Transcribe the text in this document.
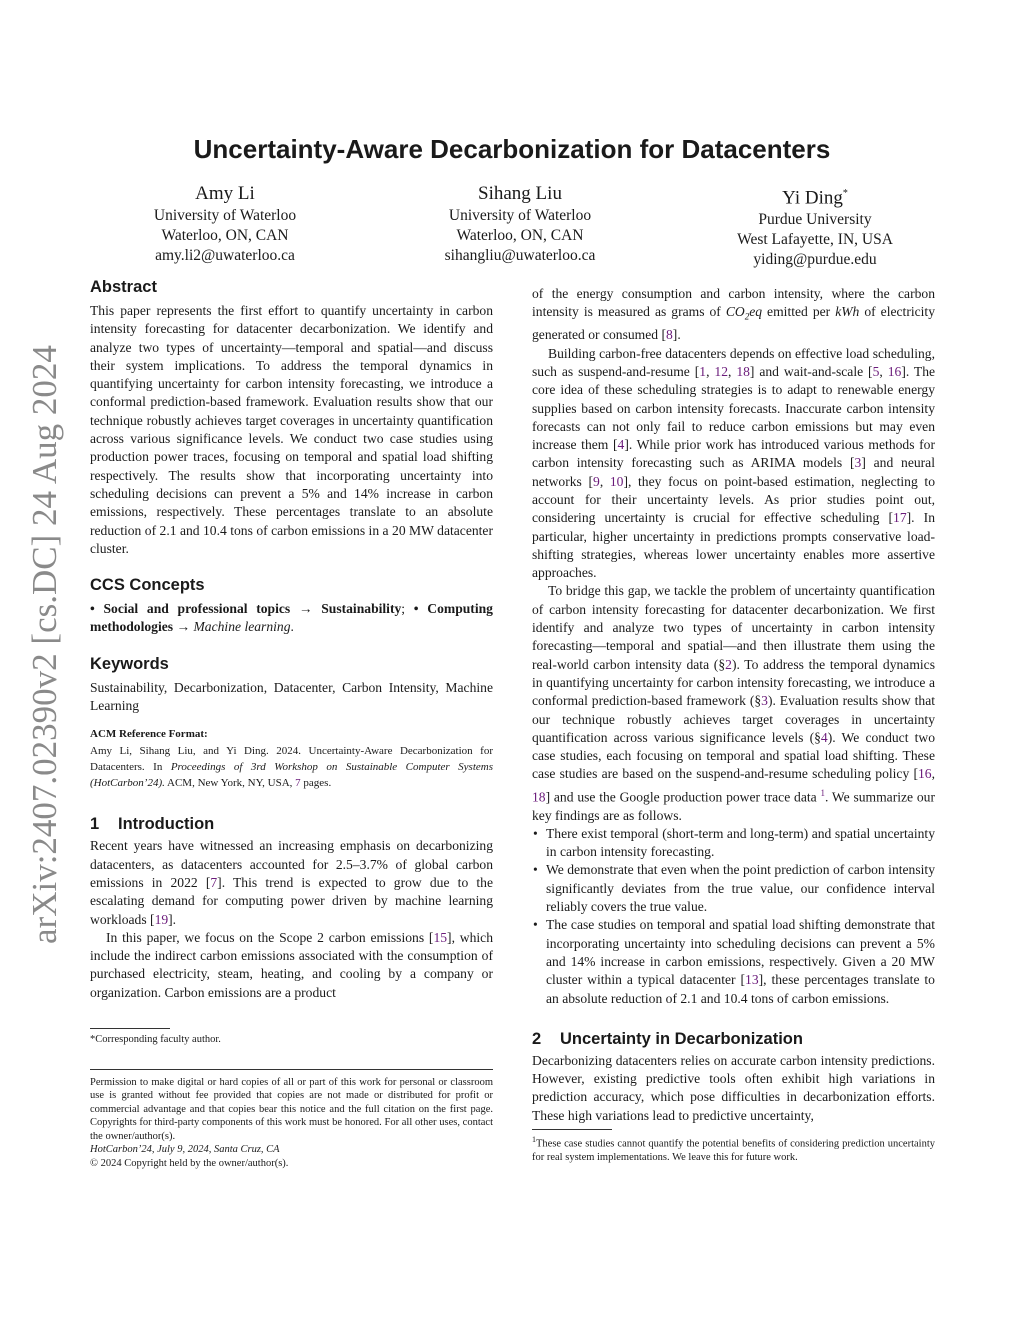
arXiv:2407.02390v2 [cs.DC] 24 Aug 2024
Uncertainty-Aware Decarbonization for Datacenters
Amy Li
University of Waterloo
Waterloo, ON, CAN
amy.li2@uwaterloo.ca
Sihang Liu
University of Waterloo
Waterloo, ON, CAN
sihangliu@uwaterloo.ca
Yi Ding*
Purdue University
West Lafayette, IN, USA
yiding@purdue.edu
Abstract

This paper represents the first effort to quantify uncertainty in carbon intensity forecasting for datacenter decarbonization. We identify and analyze two types of uncertainty—temporal and spatial—and discuss their system implications. To address the temporal dynamics in quantifying uncertainty for carbon intensity forecasting, we introduce a conformal prediction-based framework. Evaluation results show that our technique robustly achieves target coverages in uncertainty quantification across various significance levels. We conduct two case studies using production power traces, focusing on temporal and spatial load shifting respectively. The results show that incorporating uncertainty into scheduling decisions can prevent a 5% and 14% increase in carbon emissions, respectively. These percentages translate to an absolute reduction of 2.1 and 10.4 tons of carbon emissions in a 20 MW datacenter cluster.

CCS Concepts

• Social and professional topics → Sustainability; • Computing methodologies → Machine learning.

Keywords

Sustainability, Decarbonization, Datacenter, Carbon Intensity, Machine Learning

ACM Reference Format:

Amy Li, Sihang Liu, and Yi Ding. 2024. Uncertainty-Aware Decarbonization for Datacenters. In Proceedings of 3rd Workshop on Sustainable Computer Systems (HotCarbon’24). ACM, New York, NY, USA, 7 pages.

1 Introduction

Recent years have witnessed an increasing emphasis on decarbonizing datacenters, as datacenters accounted for 2.5–3.7% of global carbon emissions in 2022 [7]. This trend is expected to grow due to the escalating demand for computing power driven by machine learning workloads [19].

In this paper, we focus on the Scope 2 carbon emissions [15], which include the indirect carbon emissions associated with the consumption of purchased electricity, steam, heating, and cooling by a company or organization. Carbon emissions are a product

*Corresponding faculty author.

Permission to make digital or hard copies of all or part of this work for personal or classroom use is granted without fee provided that copies are not made or distributed for profit or commercial advantage and that copies bear this notice and the full citation on the first page. Copyrights for third-party components of this work must be honored. For all other uses, contact the owner/author(s).

HotCarbon’24, July 9, 2024, Santa Cruz, CA
© 2024 Copyright held by the owner/author(s).

of the energy consumption and carbon intensity, where the carbon intensity is measured as grams of $CO_2eq$ emitted per kWh of electricity generated or consumed [8].

Building carbon-free datacenters depends on effective load scheduling, such as suspend-and-resume [1, 12, 18] and wait-and-scale [5, 16]. The core idea of these scheduling strategies is to adapt to renewable energy supplies based on carbon intensity forecasts. Inaccurate carbon intensity forecasts can not only fail to reduce carbon emissions but may even increase them [4]. While prior work has introduced various methods for carbon intensity forecasting such as ARIMA models [3] and neural networks [9, 10], they focus on point-based estimation, neglecting to account for their uncertainty levels. As prior studies point out, considering uncertainty is crucial for effective scheduling [17]. In particular, higher uncertainty in predictions prompts conservative load-shifting strategies, whereas lower uncertainty enables more assertive approaches.

To bridge this gap, we tackle the problem of uncertainty quantification of carbon intensity forecasting for datacenter decarbonization. We first identify and analyze two types of uncertainty in carbon intensity forecasting—temporal and spatial—and then illustrate them using the real-world carbon intensity data (§2). To address the temporal dynamics in quantifying uncertainty for carbon intensity forecasting, we introduce a conformal prediction-based framework (§3). Evaluation results show that our technique robustly achieves target coverages in uncertainty quantification across various significance levels (§4). We conduct two case studies, each focusing on temporal and spatial load shifting. These case studies are based on the suspend-and-resume scheduling policy [16, 18] and use the Google production power trace data $^1$. We summarize our key findings are as follows.

• There exist temporal (short-term and long-term) and spatial uncertainty in carbon intensity forecasting.
• We demonstrate that even when the point prediction of carbon intensity significantly deviates from the true value, our confidence interval reliably covers the true value.
• The case studies on temporal and spatial load shifting demonstrate that incorporating uncertainty into scheduling decisions can prevent a 5% and 14% increase in carbon emissions, respectively. Given a 20 MW cluster within a typical datacenter [13], these percentages translate to an absolute reduction of 2.1 and 10.4 tons of carbon emissions.
2 Uncertainty in Decarbonization

Decarbonizing datacenters relies on accurate carbon intensity predictions. However, existing predictive tools often exhibit high variations in prediction accuracy, which pose difficulties in decarbonization efforts. These high variations lead to predictive uncertainty,

$^1$These case studies cannot quantify the potential benefits of considering prediction uncertainty for real system implementations. We leave this for future work.
